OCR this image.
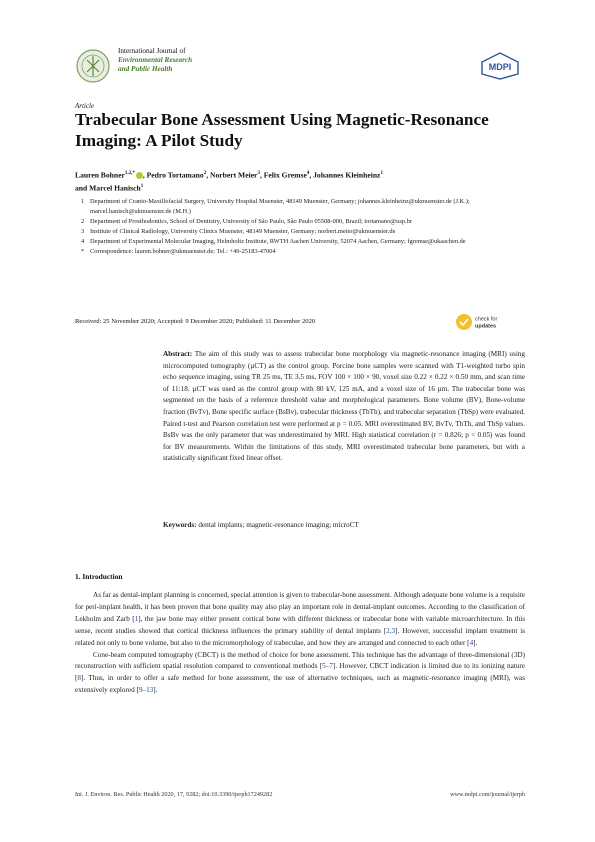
International Journal of
Environmental Research
and Public Health	MDPI
Article
Trabecular Bone Assessment Using Magnetic-Resonance Imaging: A Pilot Study
Lauren Bohner$^{1,2,*}$ , Pedro Tortamano$^2$, Norbert Meier$^3$, Felix Gremse$^4$, Johannes Kleinheinz$^1$
and Marcel Hanisch$^1$
1 Department of Cranio-Maxillofacial Surgery, University Hospital Muenster, 48149 Muenster, Germany; johannes.kleinheinz@ukmuenster.de (J.K.); marcel.hanisch@ukmuenster.de (M.H.)
2 Department of Prosthodontics, School of Dentistry, University of São Paulo, São Paulo 05508-000, Brazil; tortamano@usp.br
3 Institute of Clinical Radiology, University Clinics Muenster, 48149 Muenster, Germany; norbert.meier@ukmuenster.de
4 Department of Experimental Molecular Imaging, Helmholtz Institute, RWTH Aachen University, 52074 Aachen, Germany; fgremse@ukaachen.de
* Correspondence: lauren.bohner@ukmuenster.de; Tel.: +49-25183-47004
Received: 25 November 2020; Accepted: 9 December 2020; Published: 11 December 2020	check for
updates
Abstract: The aim of this study was to assess trabecular bone morphology via magnetic-resonance imaging (MRI) using microcomputed tomography (µCT) as the control group. Porcine bone samples were scanned with T1-weighted turbo spin echo sequence imaging, using TR 25 ms, TE 3.5 ms, FOV 100 × 100 × 90, voxel size 0.22 × 0.22 × 0.50 mm, and scan time of 11:18. µCT was used as the control group with 80 kV, 125 mA, and a voxel size of 16 µm. The trabecular bone was segmented on the basis of a reference threshold value and morphological parameters. Bone volume (BV), Bone-volume fraction (BvTv), Bone specific surface (BsBv), trabecular thickness (TbTh), and trabecular separation (TbSp) were evaluated. Paired t-test and Pearson correlation test were performed at p = 0.05. MRI overestimated BV, BvTv, TbTh, and TbSp values. BsBv was the only parameter that was underestimated by MRI. High statistical correlation (r = 0.826; p < 0.05) was found for BV measurements. Within the limitations of this study, MRI overestimated trabecular bone parameters, but with a statistically significant fixed linear offset.
Keywords: dental implants; magnetic-resonance imaging; microCT
1. Introduction

As far as dental-implant planning is concerned, special attention is given to trabecular-bone assessment. Although adequate bone volume is a requisite for peri-implant health, it has been proven that bone quality may also play an important role in dental-implant outcomes. According to the classification of Lekholm and Zarb [1], the jaw bone may either present cortical bone with different thickness or trabecular bone with variable microarchitecture. In this sense, recent studies showed that cortical thickness influences the primary stability of dental implants [2,3]. However, successful implant treatment is related not only to bone volume, but also to the micromorphology of trabeculae, and how they are arranged and connected to each other [4].

Cone-beam computed tomography (CBCT) is the method of choice for bone assessment. This technique has the advantage of three-dimensional (3D) reconstruction with sufficient spatial resolution compared to conventional methods [5–7]. However, CBCT indication is limited due to its ionizing nature [8]. Thus, in order to offer a safe method for bone assessment, the use of alternative techniques, such as magnetic-resonance imaging (MRI), was extensively explored [9–13].

Int. J. Environ. Res. Public Health 2020, 17, 9282; doi:10.3390/ijerph17249282	www.mdpi.com/journal/ijerph
